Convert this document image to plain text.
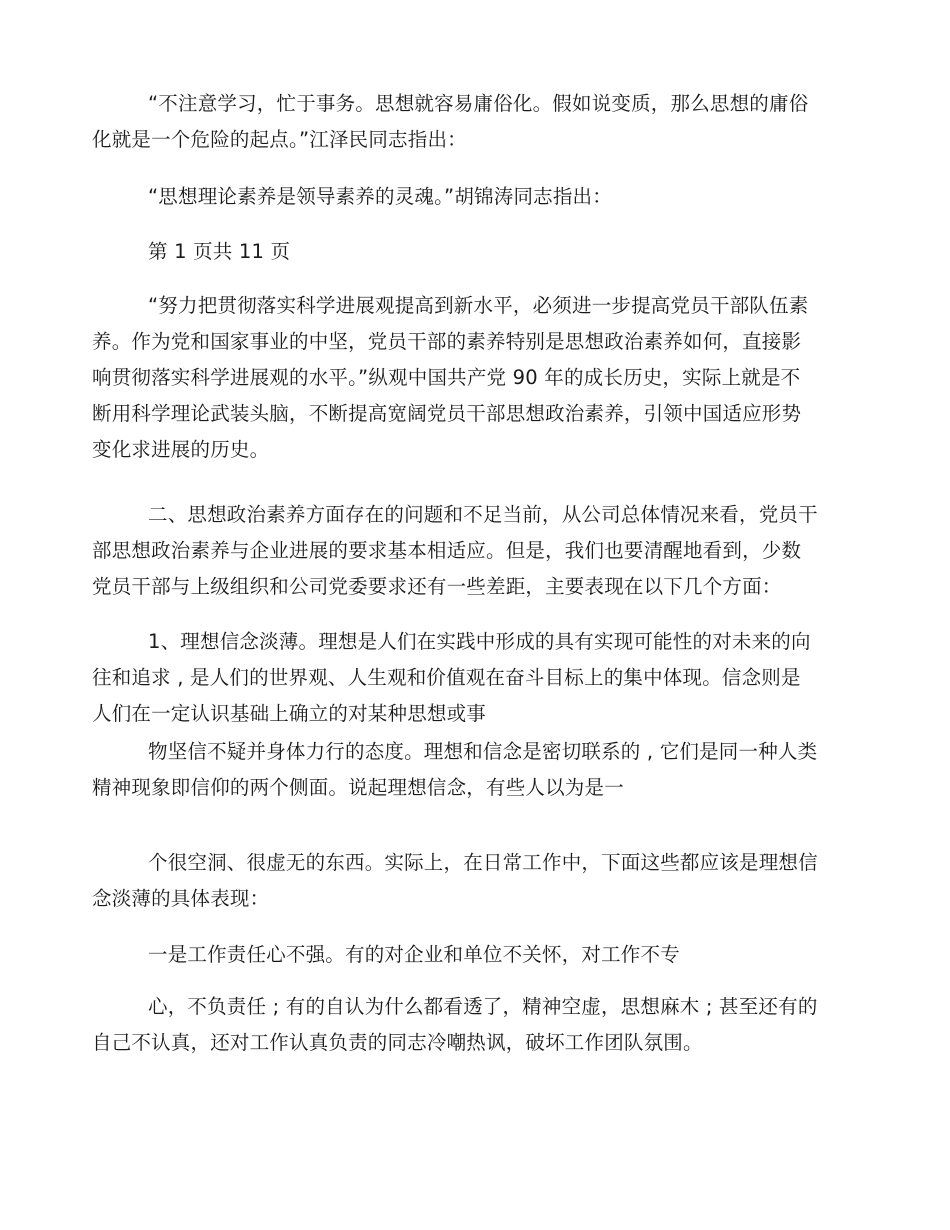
“不注意学习，忙于事务。思想就容易庸俗化。假如说变质，那么思想的庸俗
化就是一个危险的起点。”江泽民同志指出：

“思想理论素养是领导素养的灵魂。”胡锦涛同志指出：

第 1 页共 11 页

“努力把贯彻落实科学进展观提高到新水平，必须进一步提高党员干部队伍素
养。作为党和国家事业的中坚，党员干部的素养特别是思想政治素养如何，直接影
响贯彻落实科学进展观的水平。”纵观中国共产党 90 年的成长历史，实际上就是不
断用科学理论武装头脑，不断提高宽阔党员干部思想政治素养，引领中国适应形势
变化求进展的历史。

二、思想政治素养方面存在的问题和不足当前，从公司总体情况来看，党员干
部思想政治素养与企业进展的要求基本相适应。但是，我们也要清醒地看到，少数
党员干部与上级组织和公司党委要求还有一些差距，主要表现在以下几个方面：

1、理想信念淡薄。理想是人们在实践中形成的具有实现可能性的对未来的向
往和追求 , 是人们的世界观、人生观和价值观在奋斗目标上的集中体现。信念则是
人们在一定认识基础上确立的对某种思想或事

物坚信不疑并身体力行的态度。理想和信念是密切联系的 , 它们是同一种人类
精神现象即信仰的两个侧面。说起理想信念，有些人以为是一

个很空洞、很虚无的东西。实际上，在日常工作中，下面这些都应该是理想信
念淡薄的具体表现：

一是工作责任心不强。有的对企业和单位不关怀，对工作不专

心，不负责任 ; 有的自认为什么都看透了，精神空虚，思想麻木 ; 甚至还有的
自己不认真，还对工作认真负责的同志冷嘲热讽，破坏工作团队氛围。
